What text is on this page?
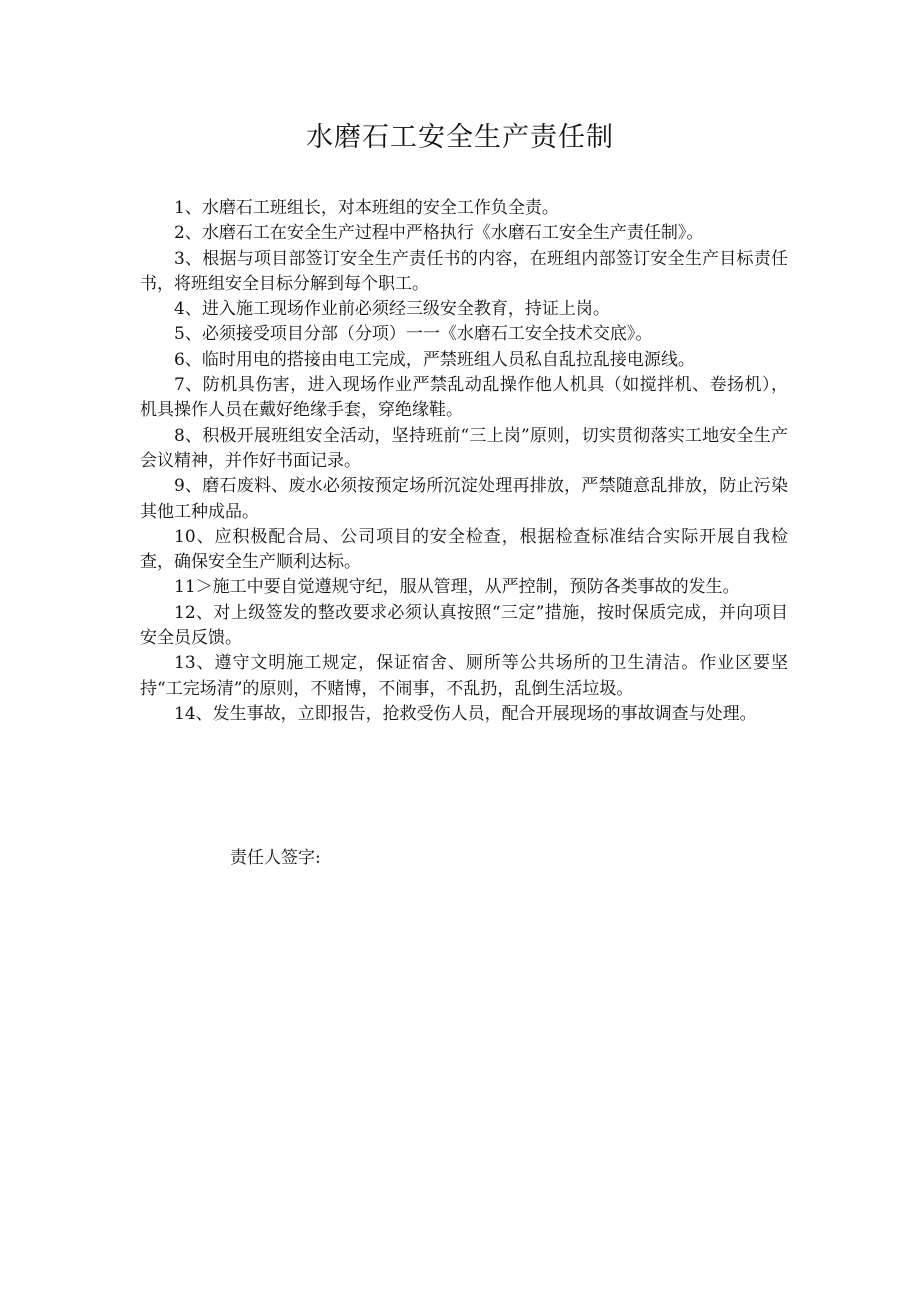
水磨石工安全生产责任制
1、水磨石工班组长，对本班组的安全工作负全责。
2、水磨石工在安全生产过程中严格执行《水磨石工安全生产责任制》。
3、根据与项目部签订安全生产责任书的内容，在班组内部签订安全生产目标责任书，将班组安全目标分解到每个职工。
4、进入施工现场作业前必须经三级安全教育，持证上岗。
5、必须接受项目分部（分项）一一《水磨石工安全技术交底》。
6、临时用电的搭接由电工完成，严禁班组人员私自乱拉乱接电源线。
7、防机具伤害，进入现场作业严禁乱动乱操作他人机具（如搅拌机、卷扬机），机具操作人员在戴好绝缘手套，穿绝缘鞋。
8、积极开展班组安全活动，坚持班前“三上岗”原则，切实贯彻落实工地安全生产会议精神，并作好书面记录。
9、磨石废料、废水必须按预定场所沉淀处理再排放，严禁随意乱排放，防止污染其他工种成品。
10、应积极配合局、公司项目的安全检查，根据检查标准结合实际开展自我检查，确保安全生产顺利达标。
11＞施工中要自觉遵规守纪，服从管理，从严控制，预防各类事故的发生。
12、对上级签发的整改要求必须认真按照“三定”措施，按时保质完成，并向项目安全员反馈。
13、遵守文明施工规定，保证宿舍、厕所等公共场所的卫生清洁。作业区要坚持“工完场清”的原则，不赌博，不闹事，不乱扔，乱倒生活垃圾。
14、发生事故，立即报告，抢救受伤人员，配合开展现场的事故调查与处理。

责任人签字:
